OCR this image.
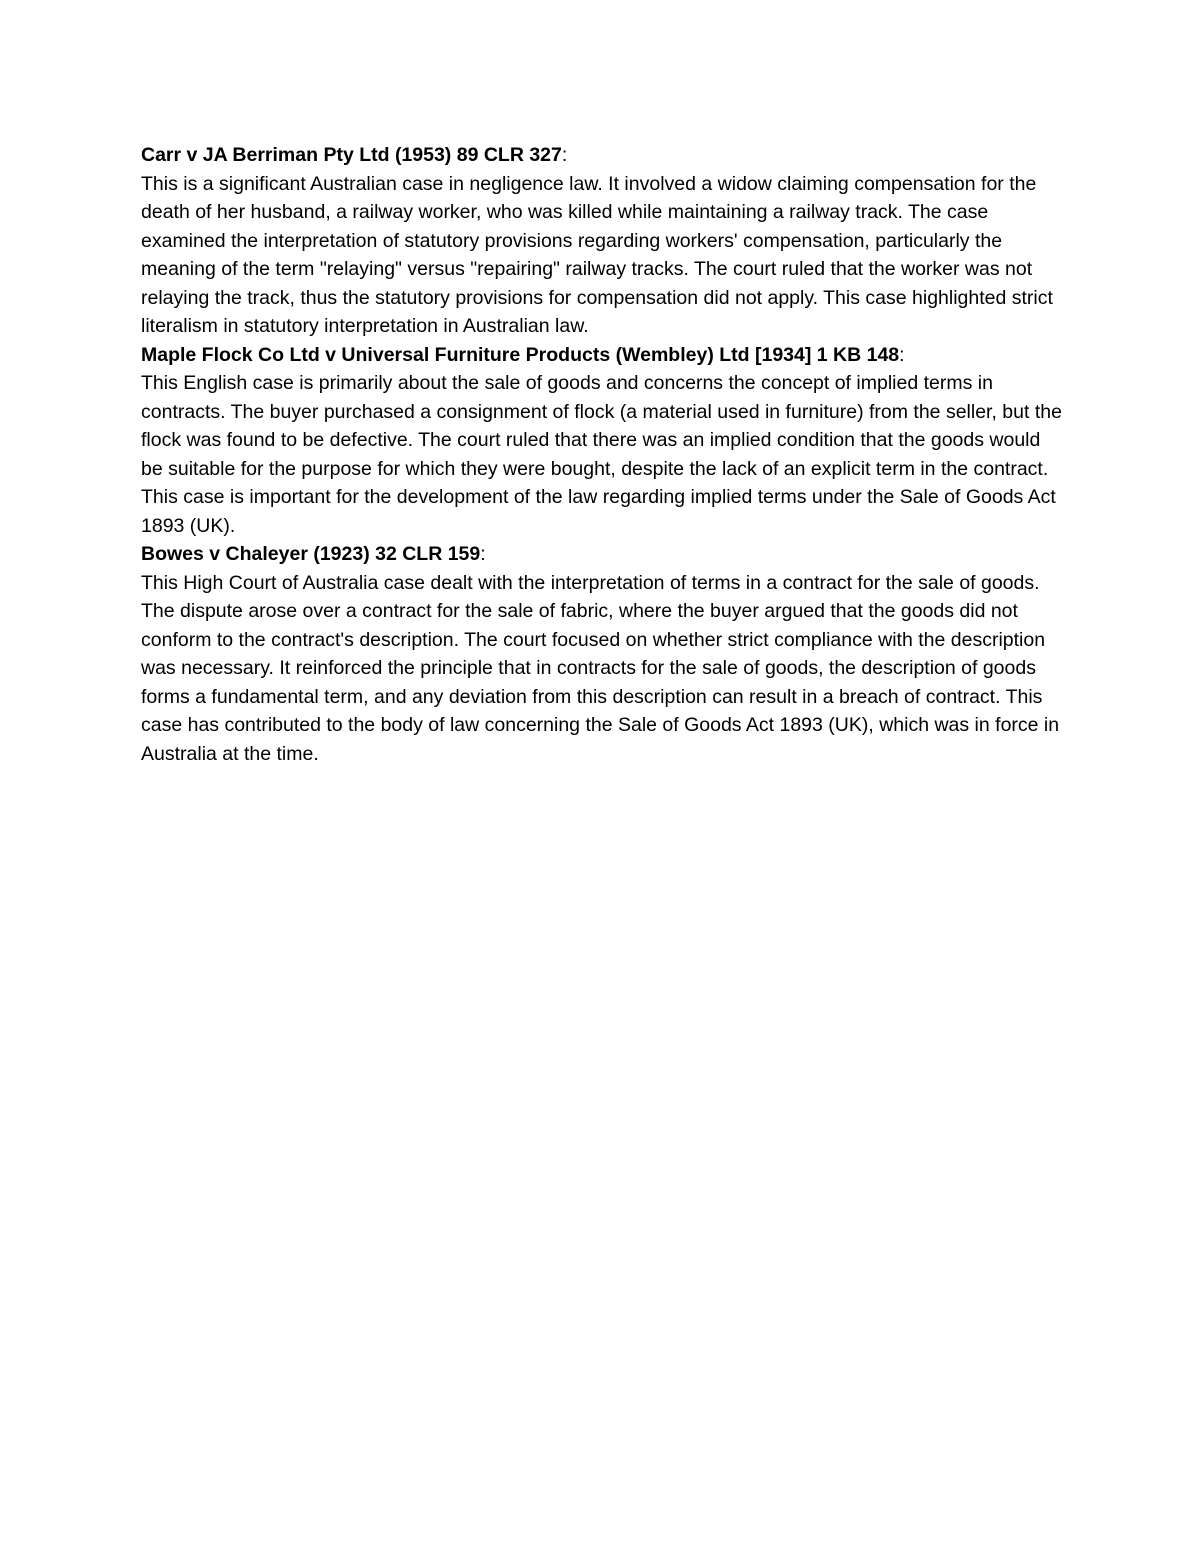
Carr v JA Berriman Pty Ltd (1953) 89 CLR 327:

This is a significant Australian case in negligence law. It involved a widow claiming compensation for the death of her husband, a railway worker, who was killed while maintaining a railway track. The case examined the interpretation of statutory provisions regarding workers' compensation, particularly the meaning of the term "relaying" versus "repairing" railway tracks. The court ruled that the worker was not relaying the track, thus the statutory provisions for compensation did not apply. This case highlighted strict literalism in statutory interpretation in Australian law.

Maple Flock Co Ltd v Universal Furniture Products (Wembley) Ltd [1934] 1 KB 148:

This English case is primarily about the sale of goods and concerns the concept of implied terms in contracts. The buyer purchased a consignment of flock (a material used in furniture) from the seller, but the flock was found to be defective. The court ruled that there was an implied condition that the goods would be suitable for the purpose for which they were bought, despite the lack of an explicit term in the contract. This case is important for the development of the law regarding implied terms under the Sale of Goods Act 1893 (UK).

Bowes v Chaleyer (1923) 32 CLR 159:

This High Court of Australia case dealt with the interpretation of terms in a contract for the sale of goods. The dispute arose over a contract for the sale of fabric, where the buyer argued that the goods did not conform to the contract's description. The court focused on whether strict compliance with the description was necessary. It reinforced the principle that in contracts for the sale of goods, the description of goods forms a fundamental term, and any deviation from this description can result in a breach of contract. This case has contributed to the body of law concerning the Sale of Goods Act 1893 (UK), which was in force in Australia at the time.
